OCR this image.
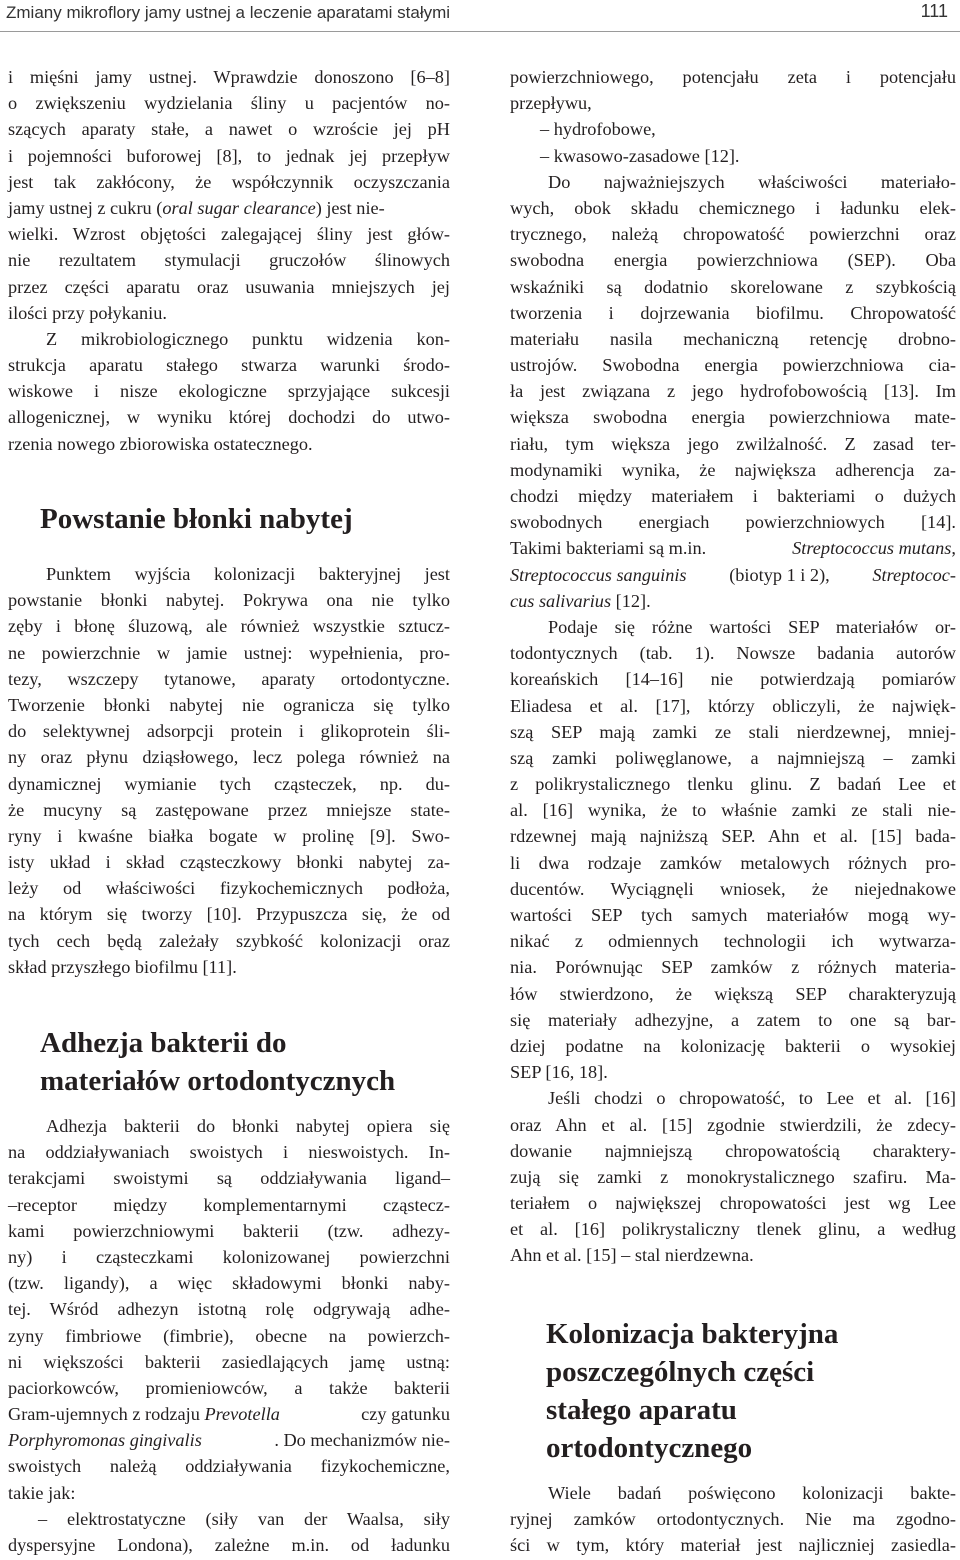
Zmiany mikroflory jamy ustnej a leczenie aparatami stałymi	111
i mięśni jamy ustnej. Wprawdzie donoszono [6–8]
o zwiększeniu wydzielania śliny u pacjentów no-
szących aparaty stałe, a nawet o wzroście jej pH
i pojemności buforowej [8], to jednak jej przepływ
jest tak zakłócony, że współczynnik oczyszczania
jamy ustnej z cukru (oral sugar clearance) jest nie-
wielki. Wzrost objętości zalegającej śliny jest głów-
nie rezultatem stymulacji gruczołów ślinowych
przez części aparatu oraz usuwania mniejszych jej
ilości przy połykaniu.
Z mikrobiologicznego punktu widzenia kon-
strukcja aparatu stałego stwarza warunki środo-
wiskowe i nisze ekologiczne sprzyjające sukcesji
allogenicznej, w wyniku której dochodzi do utwo-
rzenia nowego zbiorowiska ostatecznego.
Powstanie błonki nabytej
Punktem wyjścia kolonizacji bakteryjnej jest
powstanie błonki nabytej. Pokrywa ona nie tylko
zęby i błonę śluzową, ale również wszystkie sztucz-
ne powierzchnie w jamie ustnej: wypełnienia, pro-
tezy, wszczepy tytanowe, aparaty ortodontyczne.
Tworzenie błonki nabytej nie ogranicza się tylko
do selektywnej adsorpcji protein i glikoprotein śli-
ny oraz płynu dziąsłowego, lecz polega również na
dynamicznej wymianie tych cząsteczek, np. du-
że mucyny są zastępowane przez mniejsze state-
ryny i kwaśne białka bogate w prolinę [9]. Swo-
isty układ i skład cząsteczkowy błonki nabytej za-
leży od właściwości fizykochemicznych podłoża,
na którym się tworzy [10]. Przypuszcza się, że od
tych cech będą zależały szybkość kolonizacji oraz
skład przyszłego biofilmu [11].
Adhezja bakterii do
materiałów ortodontycznych
Adhezja bakterii do błonki nabytej opiera się
na oddziaływaniach swoistych i nieswoistych. In-
terakcjami swoistymi są oddziaływania ligand–
–receptor między komplementarnymi cząstecz-
kami powierzchniowymi bakterii (tzw. adhezy-
ny) i cząsteczkami kolonizowanej powierzchni
(tzw. ligandy), a więc składowymi błonki naby-
tej. Wśród adhezyn istotną rolę odgrywają adhe-
zyny fimbriowe (fimbrie), obecne na powierzch-
ni większości bakterii zasiedlających jamę ustną:
paciorkowców, promieniowców, a także bakterii
Gram-ujemnych z rodzaju Prevotella	czy gatunku
Porphyromonas gingivalis	. Do mechanizmów nie-
swoistych należą oddziaływania fizykochemiczne,
takie jak:
– elektrostatyczne (siły van der Waalsa, siły
dyspersyjne Londona), zależne m.in. od ładunku
powierzchniowego, potencjału zeta i potencjału
przepływu,
– hydrofobowe,
– kwasowo-zasadowe [12].
Do najważniejszych właściwości materiało-
wych, obok składu chemicznego i ładunku elek-
trycznego, należą chropowatość powierzchni oraz
swobodna energia powierzchniowa (SEP). Oba
wskaźniki są dodatnio skorelowane z szybkością
tworzenia i dojrzewania biofilmu. Chropowatość
materiału nasila mechaniczną retencję drobno-
ustrojów. Swobodna energia powierzchniowa cia-
ła jest związana z jego hydrofobowością [13]. Im
większa swobodna energia powierzchniowa mate-
riału, tym większa jego zwilżalność. Z zasad ter-
modynamiki wynika, że największa adherencja za-
chodzi między materiałem i bakteriami o dużych
swobodnych energiach powierzchniowych [14].
Takimi bakteriami są m.in.	Streptococcus mutans,
Streptococcus sanguinis (biotyp 1 i 2), Streptococ-
cus salivarius [12].
Podaje się różne wartości SEP materiałów or-
todontycznych (tab. 1). Nowsze badania autorów
koreańskich [14–16] nie potwierdzają pomiarów
Eliadesa et al. [17], którzy obliczyli, że najwięk-
szą SEP mają zamki ze stali nierdzewnej, mniej-
szą zamki poliwęglanowe, a najmniejszą – zamki
z polikrystalicznego tlenku glinu. Z badań Lee et
al. [16] wynika, że to właśnie zamki ze stali nie-
rdzewnej mają najniższą SEP. Ahn et al. [15] bada-
li dwa rodzaje zamków metalowych różnych pro-
ducentów. Wyciągnęli wniosek, że niejednakowe
wartości SEP tych samych materiałów mogą wy-
nikać z odmiennych technologii ich wytwarza-
nia. Porównując SEP zamków z różnych materia-
łów stwierdzono, że większą SEP charakteryzują
się materiały adhezyjne, a zatem to one są bar-
dziej podatne na kolonizację bakterii o wysokiej
SEP [16, 18].
Jeśli chodzi o chropowatość, to Lee et al. [16]
oraz Ahn et al. [15] zgodnie stwierdzili, że zdecy-
dowanie najmniejszą chropowatością charaktery-
zują się zamki z monokrystalicznego szafiru. Ma-
teriałem o największej chropowatości jest wg Lee
et al. [16] polikrystaliczny tlenek glinu, a według
Ahn et al. [15] – stal nierdzewna.
Kolonizacja bakteryjna
poszczególnych części
stałego aparatu
ortodontycznego
Wiele badań poświęcono kolonizacji bakte-
ryjnej zamków ortodontycznych. Nie ma zgodno-
ści w tym, który materiał jest najliczniej zasiedla-
